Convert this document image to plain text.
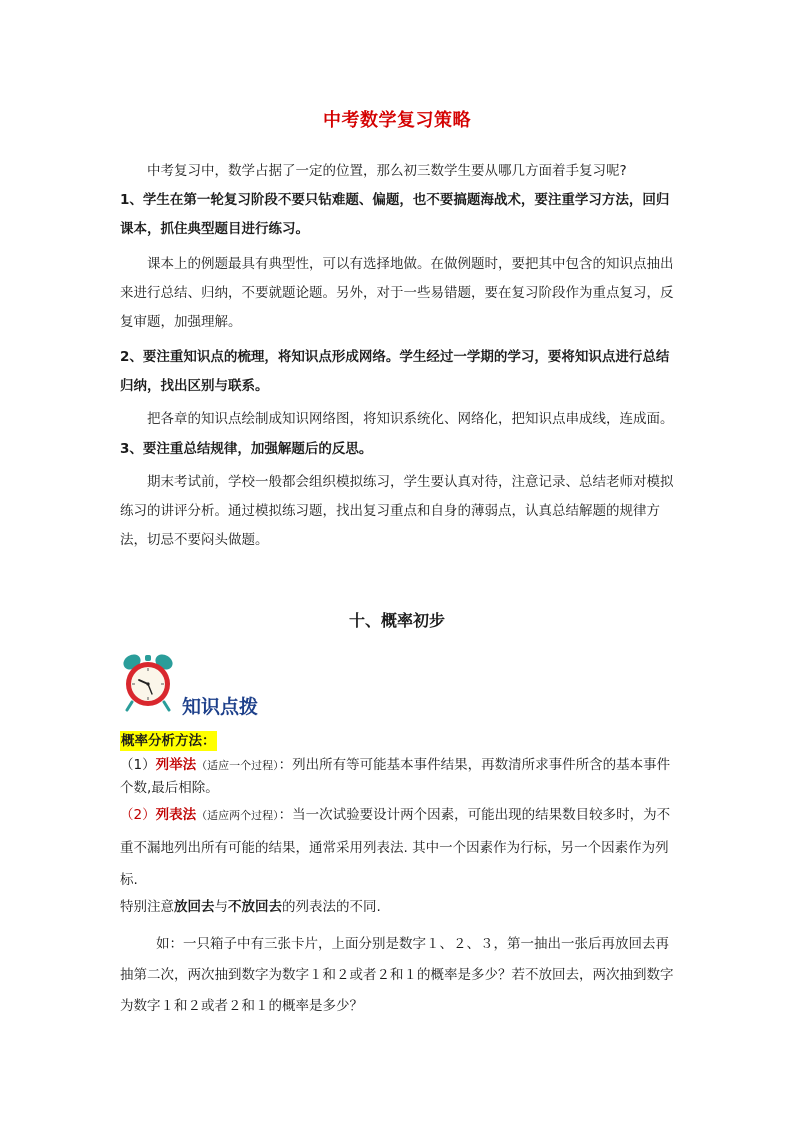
中考数学复习策略

中考复习中，数学占据了一定的位置，那么初三数学生要从哪几方面着手复习呢?

1、学生在第一轮复习阶段不要只钻难题、偏题，也不要搞题海战术，要注重学习方法，回归课本，抓住典型题目进行练习。

课本上的例题最具有典型性，可以有选择地做。在做例题时，要把其中包含的知识点抽出来进行总结、归纳，不要就题论题。另外，对于一些易错题，要在复习阶段作为重点复习，反复审题，加强理解。

2、要注重知识点的梳理，将知识点形成网络。学生经过一学期的学习，要将知识点进行总结归纳，找出区别与联系。

把各章的知识点绘制成知识网络图，将知识系统化、网络化，把知识点串成线，连成面。

3、要注重总结规律，加强解题后的反思。

期末考试前，学校一般都会组织模拟练习，学生要认真对待，注意记录、总结老师对模拟练习的讲评分析。通过模拟练习题，找出复习重点和自身的薄弱点，认真总结解题的规律方法，切忌不要闷头做题。

十、概率初步
知识点拨
概率分析方法：

（1）列举法（适应一个过程）：列出所有等可能基本事件结果，再数清所求事件所含的基本事件个数,最后相除。

（2）列表法（适应两个过程）：当一次试验要设计两个因素，可能出现的结果数目较多时，为不重不漏地列出所有可能的结果，通常采用列表法. 其中一个因素作为行标，另一个因素作为列标.

特别注意放回去与不放回去的列表法的不同.

如：一只箱子中有三张卡片，上面分别是数字１、２、３，第一抽出一张后再放回去再抽第二次，两次抽到数字为数字１和２或者２和１的概率是多少？若不放回去，两次抽到数字为数字１和２或者２和１的概率是多少？
